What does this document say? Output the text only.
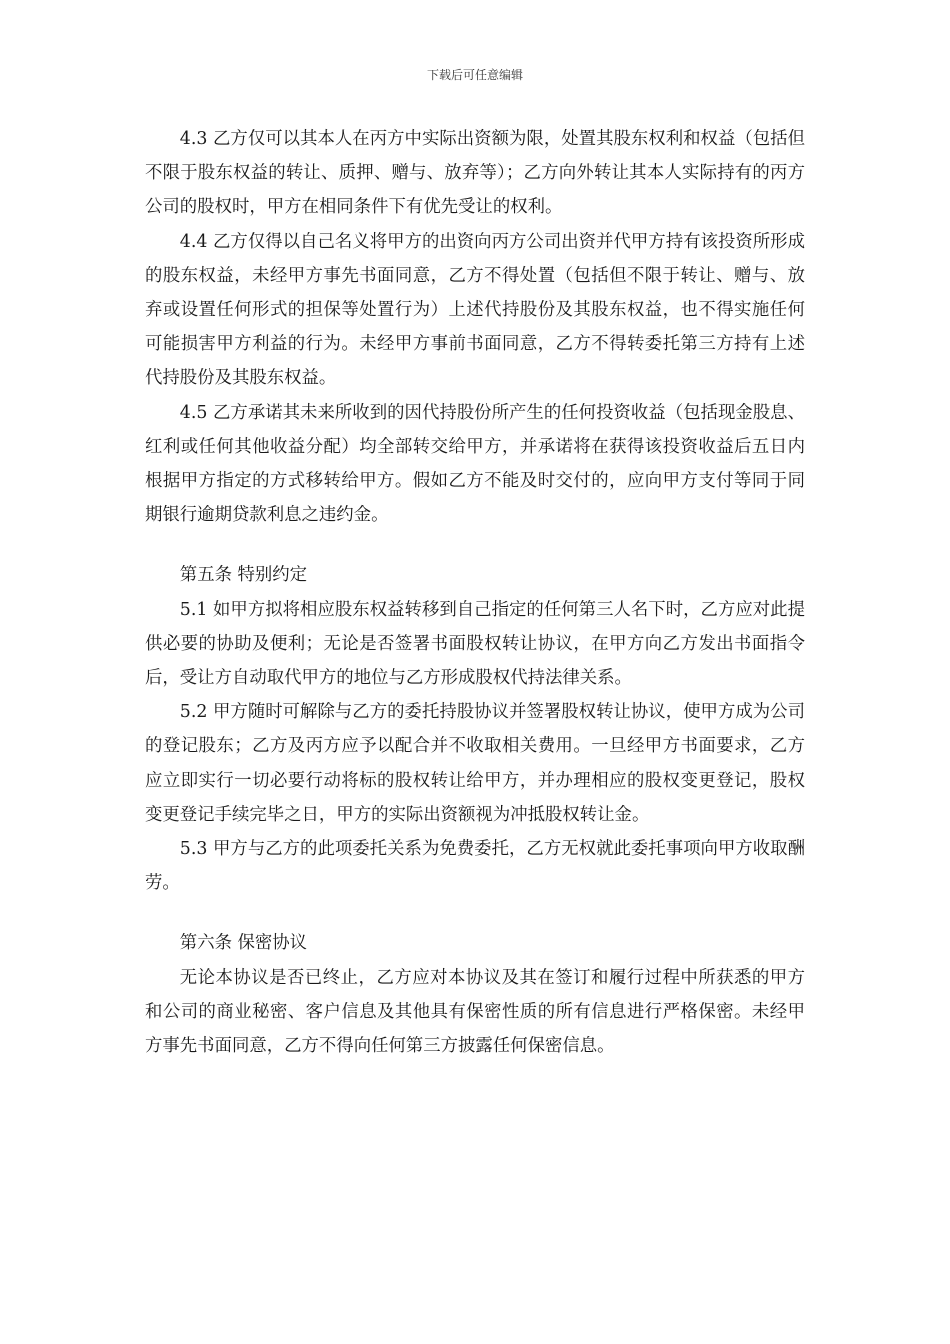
下载后可任意编辑

4.3 乙方仅可以其本人在丙方中实际出资额为限，处置其股东权利和权益（包括但不限于股东权益的转让、质押、赠与、放弃等）；乙方向外转让其本人实际持有的丙方公司的股权时，甲方在相同条件下有优先受让的权利。

4.4 乙方仅得以自己名义将甲方的出资向丙方公司出资并代甲方持有该投资所形成的股东权益，未经甲方事先书面同意，乙方不得处置（包括但不限于转让、赠与、放弃或设置任何形式的担保等处置行为）上述代持股份及其股东权益，也不得实施任何可能损害甲方利益的行为。未经甲方事前书面同意，乙方不得转委托第三方持有上述代持股份及其股东权益。

4.5 乙方承诺其未来所收到的因代持股份所产生的任何投资收益（包括现金股息、红利或任何其他收益分配）均全部转交给甲方，并承诺将在获得该投资收益后五日内根据甲方指定的方式移转给甲方。假如乙方不能及时交付的，应向甲方支付等同于同期银行逾期贷款利息之违约金。

第五条 特别约定

5.1 如甲方拟将相应股东权益转移到自己指定的任何第三人名下时，乙方应对此提供必要的协助及便利；无论是否签署书面股权转让协议，在甲方向乙方发出书面指令后，受让方自动取代甲方的地位与乙方形成股权代持法律关系。

5.2 甲方随时可解除与乙方的委托持股协议并签署股权转让协议，使甲方成为公司的登记股东；乙方及丙方应予以配合并不收取相关费用。一旦经甲方书面要求，乙方应立即实行一切必要行动将标的股权转让给甲方，并办理相应的股权变更登记，股权变更登记手续完毕之日，甲方的实际出资额视为冲抵股权转让金。

5.3 甲方与乙方的此项委托关系为免费委托，乙方无权就此委托事项向甲方收取酬劳。

第六条 保密协议

无论本协议是否已终止，乙方应对本协议及其在签订和履行过程中所获悉的甲方和公司的商业秘密、客户信息及其他具有保密性质的所有信息进行严格保密。未经甲方事先书面同意，乙方不得向任何第三方披露任何保密信息。
